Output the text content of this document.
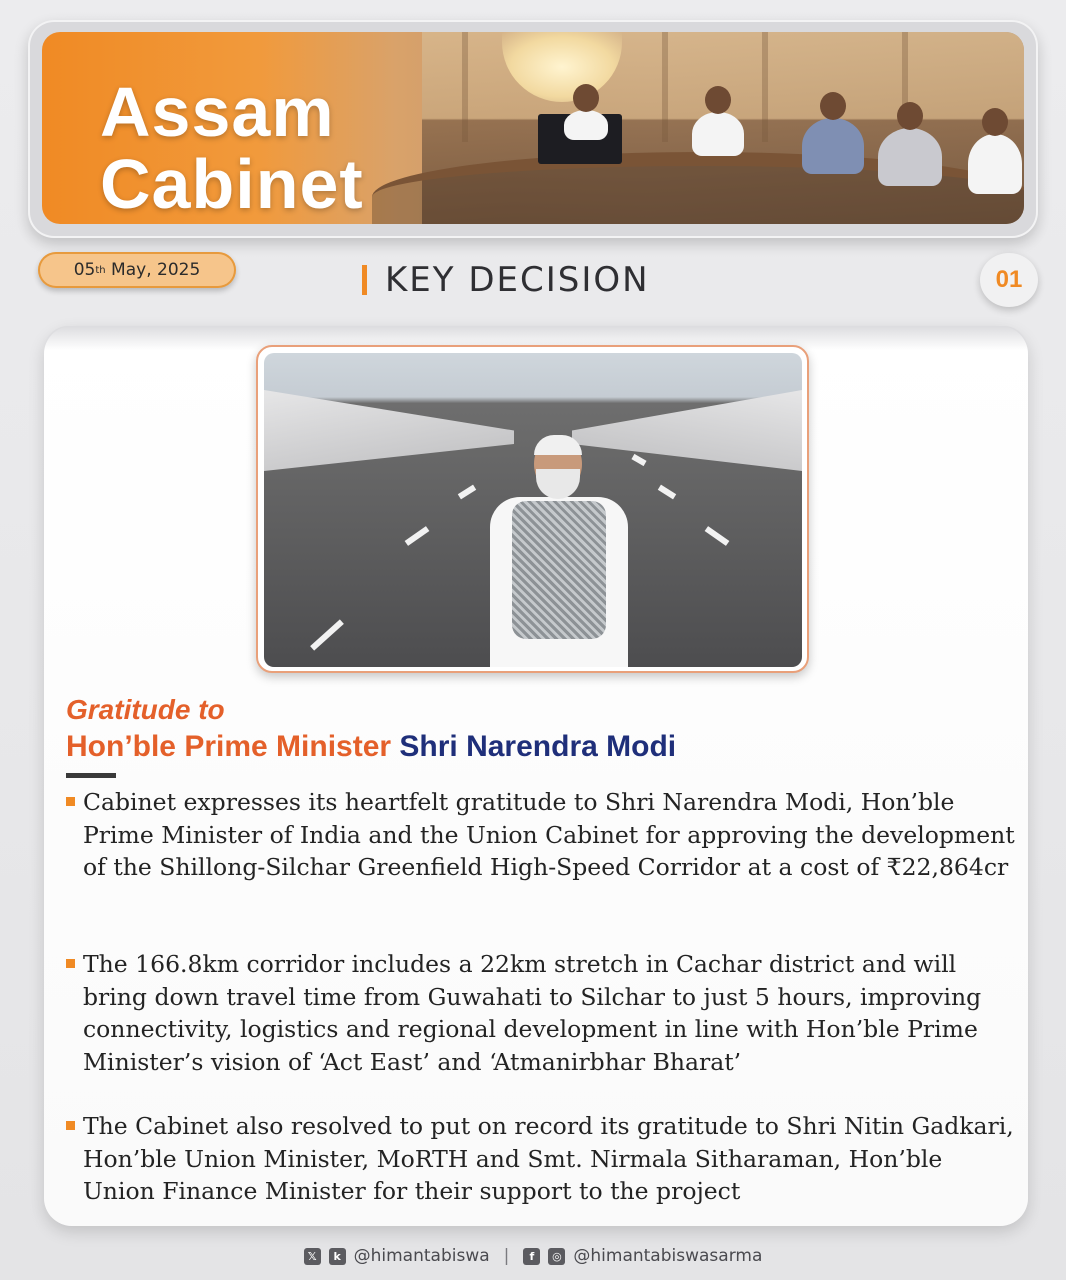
Assam
Cabinet
05 th May, 2025	KEY DECISION	01
Gratitude to
Hon’ble Prime Minister Shri Narendra Modi
Cabinet expresses its heartfelt gratitude to Shri Narendra Modi, Hon’ble Prime Minister of India and the Union Cabinet for approving the development of the Shillong-Silchar Greenfield High-Speed Corridor at a cost of ₹22,864cr
The 166.8km corridor includes a 22km stretch in Cachar district and will bring down travel time from Guwahati to Silchar to just 5 hours, improving connectivity, logistics and regional development in line with Hon’ble Prime Minister’s vision of ‘Act East’ and ‘Atmanirbhar Bharat’
The Cabinet also resolved to put on record its gratitude to Shri Nitin Gadkari, Hon’ble Union Minister, MoRTH and Smt. Nirmala Sitharaman, Hon’ble Union Finance Minister for their support to the project
𝕏	k @himantabiswa |	f	◎ @himantabiswasarma
